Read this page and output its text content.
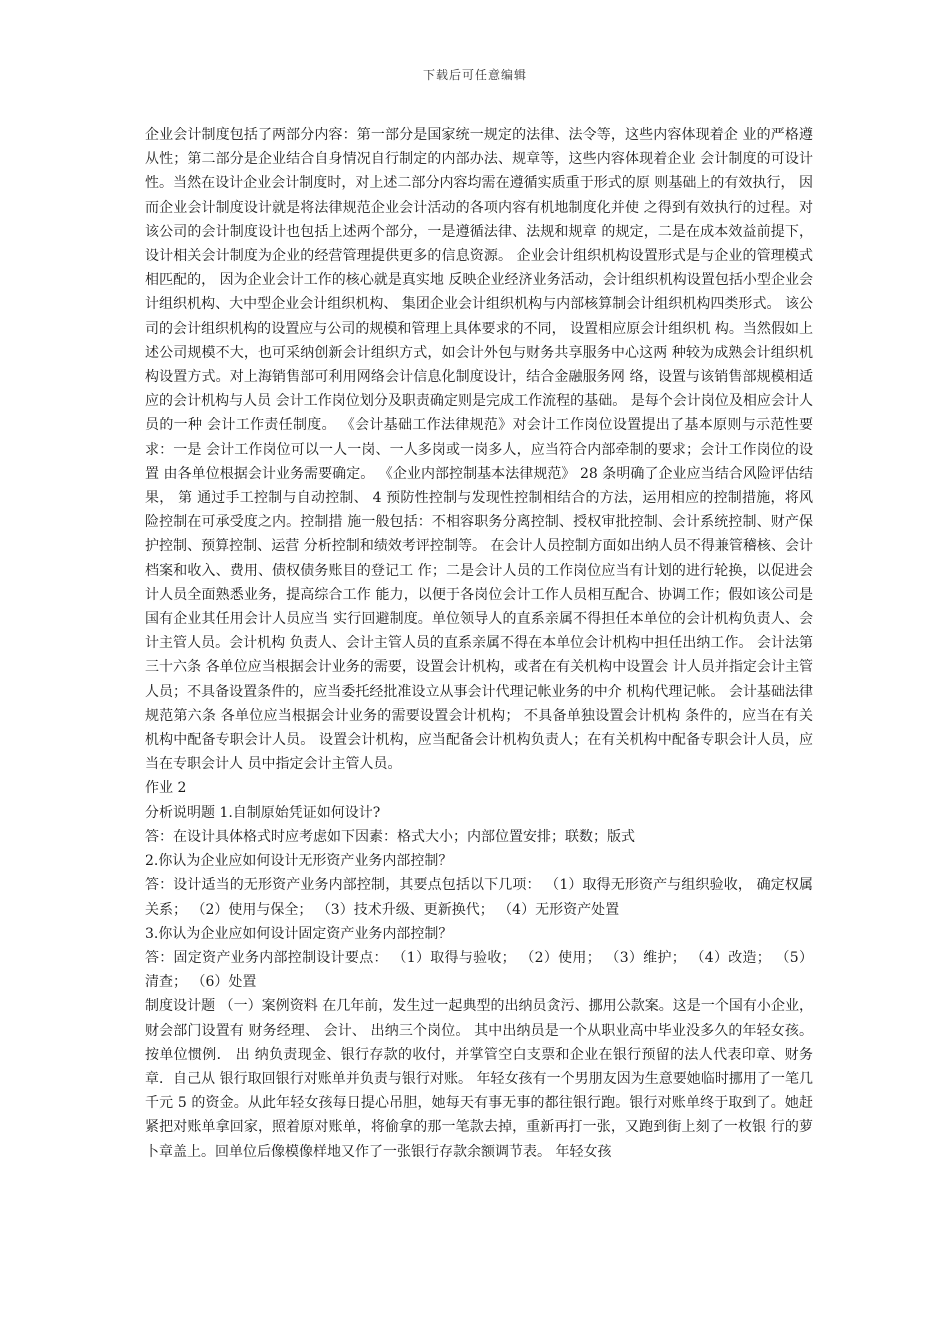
下载后可任意编辑

企业会计制度包括了两部分内容：第一部分是国家统一规定的法律、法令等，这些内容体现着企 业的严格遵从性；第二部分是企业结合自身情况自行制定的内部办法、规章等，这些内容体现着企业 会计制度的可设计性。当然在设计企业会计制度时，对上述二部分内容均需在遵循实质重于形式的原 则基础上的有效执行， 因而企业会计制度设计就是将法律规范企业会计活动的各项内容有机地制度化并使 之得到有效执行的过程。对该公司的会计制度设计也包括上述两个部分，一是遵循法律、法规和规章 的规定，二是在成本效益前提下，设计相关会计制度为企业的经营管理提供更多的信息资源。 企业会计组织机构设置形式是与企业的管理模式相匹配的， 因为企业会计工作的核心就是真实地 反映企业经济业务活动，会计组织机构设置包括小型企业会计组织机构、大中型企业会计组织机构、 集团企业会计组织机构与内部核算制会计组织机构四类形式。 该公司的会计组织机构的设置应与公司的规模和管理上具体要求的不同， 设置相应原会计组织机 构。当然假如上述公司规模不大，也可采纳创新会计组织方式，如会计外包与财务共享服务中心这两 种较为成熟会计组织机构设置方式。对上海销售部可利用网络会计信息化制度设计，结合金融服务网 络，设置与该销售部规模相适应的会计机构与人员 会计工作岗位划分及职责确定则是完成工作流程的基础。 是每个会计岗位及相应会计人员的一种 会计工作责任制度。 《会计基础工作法律规范》对会计工作岗位设置提出了基本原则与示范性要求：一是 会计工作岗位可以一人一岗、一人多岗或一岗多人，应当符合内部牵制的要求；会计工作岗位的设置 由各单位根据会计业务需要确定。 《企业内部控制基本法律规范》 28 条明确了企业应当结合风险评估结果， 第 通过手工控制与自动控制、 4 预防性控制与发现性控制相结合的方法，运用相应的控制措施，将风险控制在可承受度之内。控制措 施一般包括：不相容职务分离控制、授权审批控制、会计系统控制、财产保护控制、预算控制、运营 分析控制和绩效考评控制等。 在会计人员控制方面如出纳人员不得兼管稽核、会计档案和收入、费用、债权债务账目的登记工 作；二是会计人员的工作岗位应当有计划的进行轮换，以促进会计人员全面熟悉业务，提高综合工作 能力，以便于各岗位会计工作人员相互配合、协调工作；假如该公司是国有企业其任用会计人员应当 实行回避制度。单位领导人的直系亲属不得担任本单位的会计机构负责人、会计主管人员。会计机构 负责人、会计主管人员的直系亲属不得在本单位会计机构中担任出纳工作。 会计法第三十六条 各单位应当根据会计业务的需要，设置会计机构，或者在有关机构中设置会 计人员并指定会计主管人员；不具备设置条件的，应当委托经批准设立从事会计代理记帐业务的中介 机构代理记帐。 会计基础法律规范第六条 各单位应当根据会计业务的需要设置会计机构； 不具备单独设置会计机构 条件的，应当在有关机构中配备专职会计人员。 设置会计机构，应当配备会计机构负责人；在有关机构中配备专职会计人员，应当在专职会计人 员中指定会计主管人员。

作业 2

分析说明题 1.自制原始凭证如何设计?

答：在设计具体格式时应考虑如下因素：格式大小；内部位置安排；联数；版式

2.你认为企业应如何设计无形资产业务内部控制？

答：设计适当的无形资产业务内部控制，其要点包括以下几项： （1）取得无形资产与组织验收， 确定权属关系； （2）使用与保全； （3）技术升级、更新换代； （4）无形资产处置

3.你认为企业应如何设计固定资产业务内部控制？

答：固定资产业务内部控制设计要点： （1）取得与验收； （2）使用； （3）维护； （4）改造； （5） 清查； （6）处置

制度设计题 （一）案例资料 在几年前，发生过一起典型的出纳员贪污、挪用公款案。这是一个国有小企业，财会部门设置有 财务经理、 会计、 出纳三个岗位。 其中出纳员是一个从职业高中毕业没多久的年轻女孩。 按单位惯例． 出 纳负责现金、银行存款的收付，并掌管空白支票和企业在银行预留的法人代表印章、财务章．自己从 银行取回银行对账单并负责与银行对账。 年轻女孩有一个男朋友因为生意要她临时挪用了一笔几千元 5 的资金。从此年轻女孩每日提心吊胆，她每天有事无事的都往银行跑。银行对账单终于取到了。她赶 紧把对账单拿回家，照着原对账单，将偷拿的那一笔款去掉，重新再打一张，又跑到街上刻了一枚银 行的萝卜章盖上。回单位后像模像样地又作了一张银行存款余额调节表。 年轻女孩
